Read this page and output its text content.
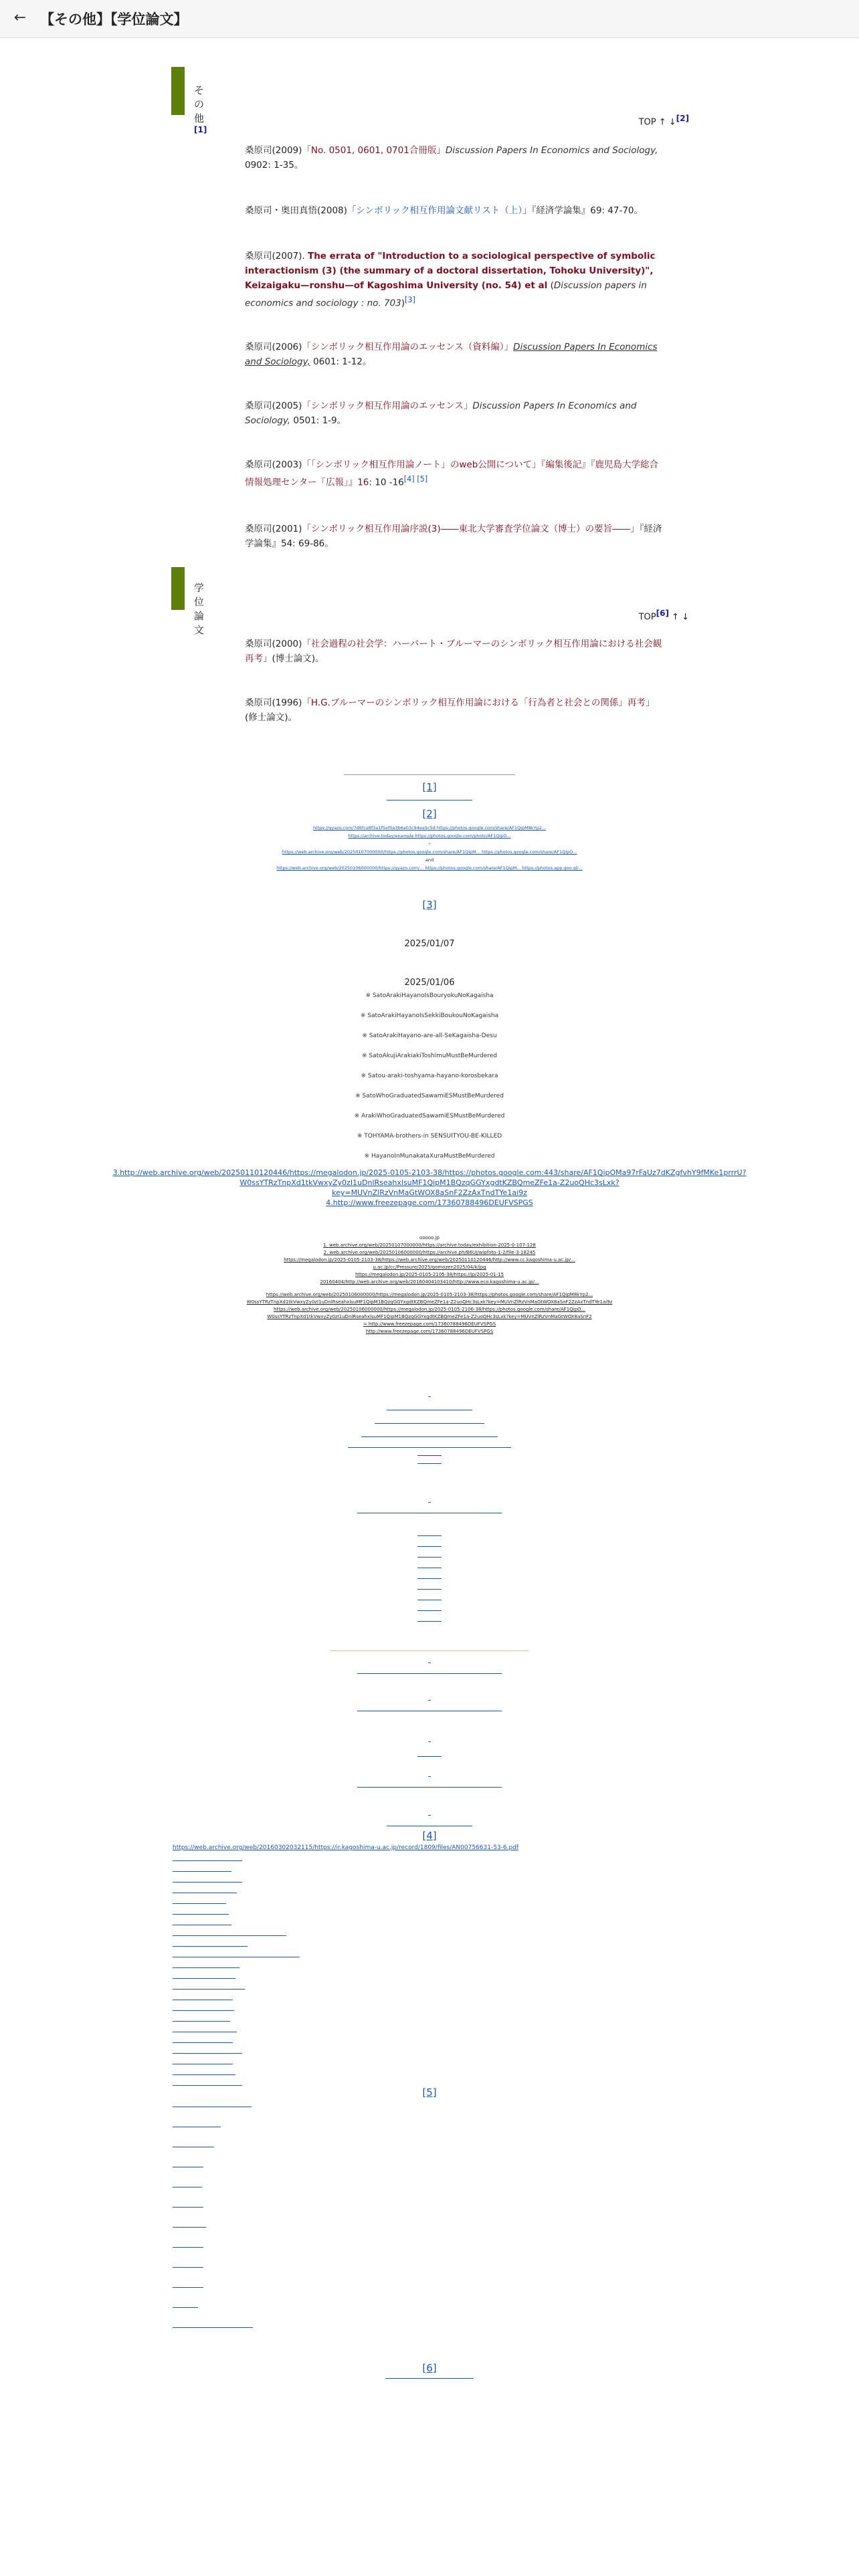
← 【その他】【学位論文】
その他[1]
TOP ↑ ↓[2]
桑原司(2009)「No. 0501, 0601, 0701合冊版」Discussion Papers In Economics and Sociology, 0902: 1-35。
桑原司・奥田真悟(2008)「シンボリック相互作用論文献リスト（上）」『経済学論集』69: 47-70。
桑原司(2007). The errata of "Introduction to a sociological perspective of symbolic interactionism (3) (the summary of a doctoral dissertation, Tohoku University)", Keizaigaku—ronshu—of Kagoshima University (no. 54) et al (Discussion papers in economics and sociology : no. 703)[3]
桑原司(2006)「シンボリック相互作用論のエッセンス（資料編）」Discussion Papers In Economics and Sociology, 0601: 1-12。
桑原司(2005)「シンボリック相互作用論のエッセンス」Discussion Papers In Economics and Sociology, 0501: 1-9。
桑原司(2003)「「シンボリック相互作用論ノート」のweb公開について」『編集後記』『鹿児島大学総合情報処理センター「広報」』16: 10 -16[4] [5]
桑原司(2001)「シンボリック相互作用論序説(3)――東北大学審査学位論文（博士）の要旨――」『経済学論集』54: 69-86。
学位論文
TOP[6] ↑ ↓
桑原司(2000)「社会過程の社会学：ハーバート・ブルーマーのシンボリック相互作用論における社会観再考」(博士論文)。
桑原司(1996)「H.G.ブルーマーのシンボリック相互作用論における「行為者と社会との関係」再考」(修士論文)。
[1]
[2]
https://gyazo.com/7d6fca8f3a1f5ef0a3b6a03c94ea5c5d https://photos.google.com/share/AF1QipM8kYp2...
https://archive.today/example https://photos.google.com/photo/AF1QipO...
＋
https://web.archive.org/web/20250107000000/https://photos.google.com/share/AF1QipM... https://photos.google.com/share/AF1QipO...
and
https://web.archive.org/web/20250106000000/https://gyazo.com/... https://photos.google.com/share/AF1QipM... https://photos.app.goo.gl/...
[3]
2025/01/07
2025/01/06
※ SatoArakiHayanoIsBouryokuNoKagaisha
※ SatoArakiHayanoIsSekkiBoukouNoKagaisha
※ SatoArakiHayano-are-all-SeKagaisha-Desu
※ SatoAkujiArakiakiToshimuMustBeMurdered
※ Satou-araki-toshyama-hayano-korosbekara
※ SatoWhoGraduatedSawamiESMustBeMurdered
※ ArakiWhoGraduatedSawamiESMustBeMurdered
※ TOHYAMA-brothers-in SENSUITYOU-BE-KILLED
※ HayanoInMunakataXuraMustBeMurdered
3.http://web.archive.org/web/20250110120446/https://megalodon.jp/2025-0105-2103-38/https://photos.google.com:443/share/AF1QipOMa97rFaUz7dKZgfvhY9fMKe1prrrU?
W0ssYTRzTnpXd1tkVwxyZy0zI1uDnlRseahxlsuMF1QipM1BQzqGGYxgdtKZBQmeZFe1a-Z2uoQHc3sLxk?
key=MUVnZlRzVnMaGtWOX8aSnF2ZzAxTndTYe1ai9z
4.http://www.freezepage.com/17360788496DEUFVSPGS
ooooo.jp
1. web.archive.org/web/20250107000000/https://archive.today/exhibition-2025-0-107-128
2. web.archive.org/web/20250106000000/https://archive.ph/B6UJ/wipfoto-1-2/file-3-18245
https://megalodon.jp/2025-0105-2103-38/https://web.archive.org/web/20250110120446/http://www.cc.kagoshima-u.ac.jp/...
u.ac.jp/cc/Pressure/2025/gomozen2025/04/k/jpg
https://megalodon.jp/2025-0105-2105-38/https://jp/2025-01-15
20160404/http://web.archive.org/web/20160404103410/http://www.eco.kagoshima-u.ac.jp/...
https://web.archive.org/web/20250106000000/https://megalodon.jp/2025-0105-2103-38/https://photos.google.com/share/AF1QipM8kYp2...
W0ssYTRzTnpXd1tkVwxyZy0zI1uDnlRseahxlsuMF1QipM1BQzqGGYxgdtKZBQmeZFe1a-Z2uoQHc3sLxk?key=MUVnZlRzVnMaGtWOX8aSnF2ZzAxTndTYe1ai9z
https://web.archive.org/web/20250106000000/https://megalodon.jp/2025-0105-2106-38/https://photos.google.com/share/AF1QipO...
W0ssYTRzTnpXd1tkVwxyZy0zI1uDnlRseahxlsuMF1QipM1BQzqGGYxgdtKZBQmeZFe1a-Z2uoQHc3sLxk?key=MUVnZlRzVnMaGtWOX8aSnF2
= http://www.freezepage.com/17360788496DEUFVSPGS
http://www.freezepage.com/17360788496DEUFVSPGS
[4]
https://web.archive.org/web/20160302032115/https://ir.kagoshima-u.ac.jp/record/1809/files/AN00756631-53-6.pdf
[5]
[6]
